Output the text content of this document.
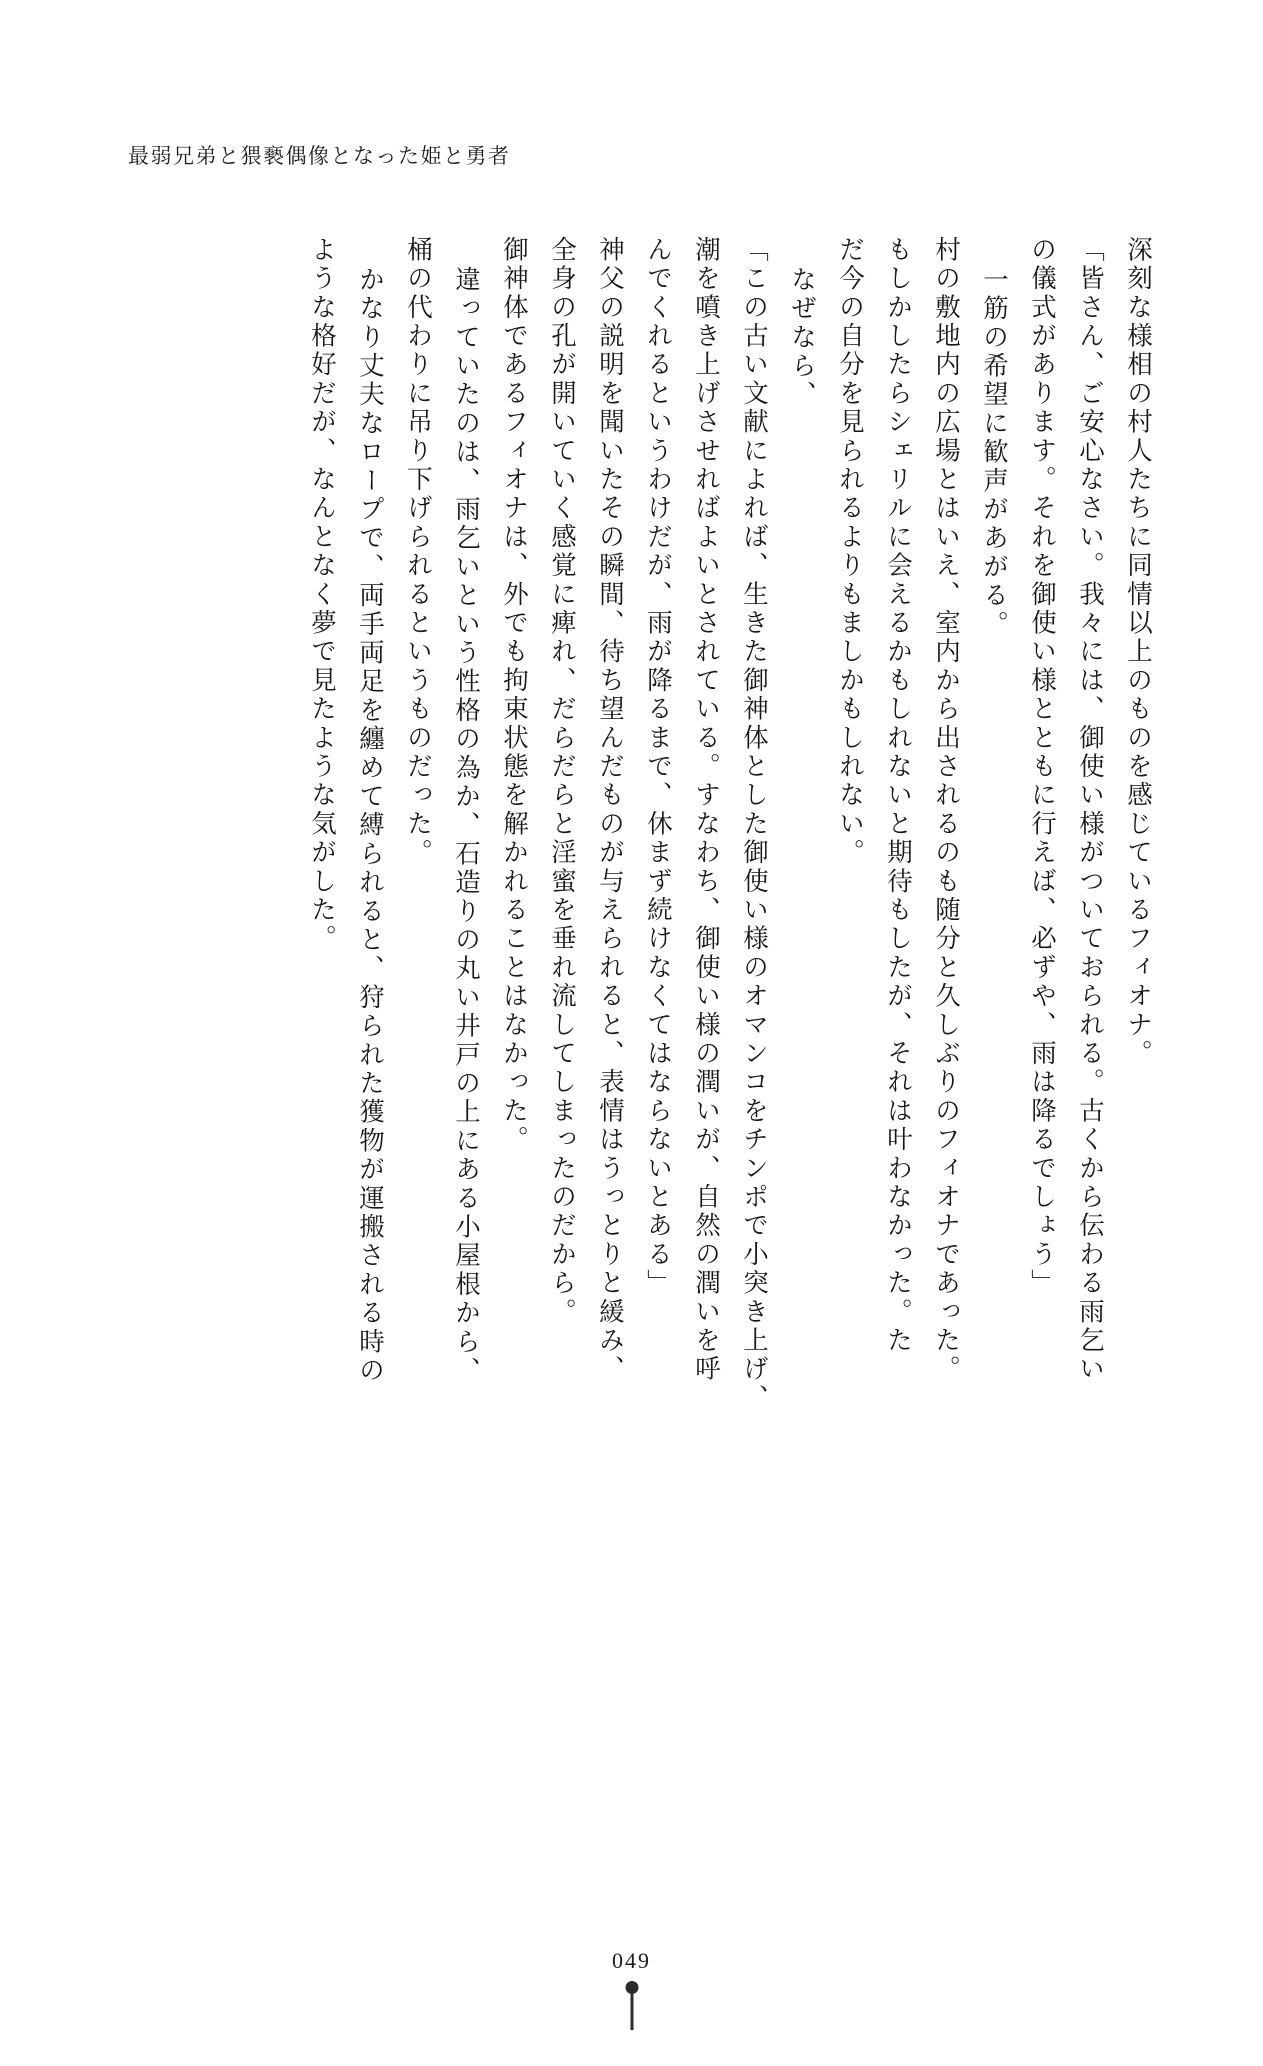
最弱兄弟と猥褻偶像となった姫と勇者
深刻な様相の村人たちに同情以上のものを感じているフィオナ。
「皆さん、ご安心なさい。我々には、御使い様がついておられる。古くから伝わる雨乞い
の儀式があります。それを御使い様とともに行えば、必ずや、雨は降るでしょう」
一筋の希望に歓声があがる。
村の敷地内の広場とはいえ、室内から出されるのも随分と久しぶりのフィオナであった。
もしかしたらシェリルに会えるかもしれないと期待もしたが、それは叶わなかった。た
だ今の自分を見られるよりもましかもしれない。
なぜなら、
「この古い文献によれば、生きた御神体とした御使い様のオマンコをチンポで小突き上げ、
潮を噴き上げさせればよいとされている。すなわち、御使い様の潤いが、自然の潤いを呼
んでくれるというわけだが、雨が降るまで、休まず続けなくてはならないとある」
神父の説明を聞いたその瞬間、待ち望んだものが与えられると、表情はうっとりと緩み、
全身の孔が開いていく感覚に痺れ、だらだらと淫蜜を垂れ流してしまったのだから。
御神体であるフィオナは、外でも拘束状態を解かれることはなかった。
違っていたのは、雨乞いという性格の為か、石造りの丸い井戸の上にある小屋根から、
桶の代わりに吊り下げられるというものだった。
かなり丈夫なロープで、両手両足を纏めて縛られると、狩られた獲物が運搬される時の
ような格好だが、なんとなく夢で見たような気がした。
049
